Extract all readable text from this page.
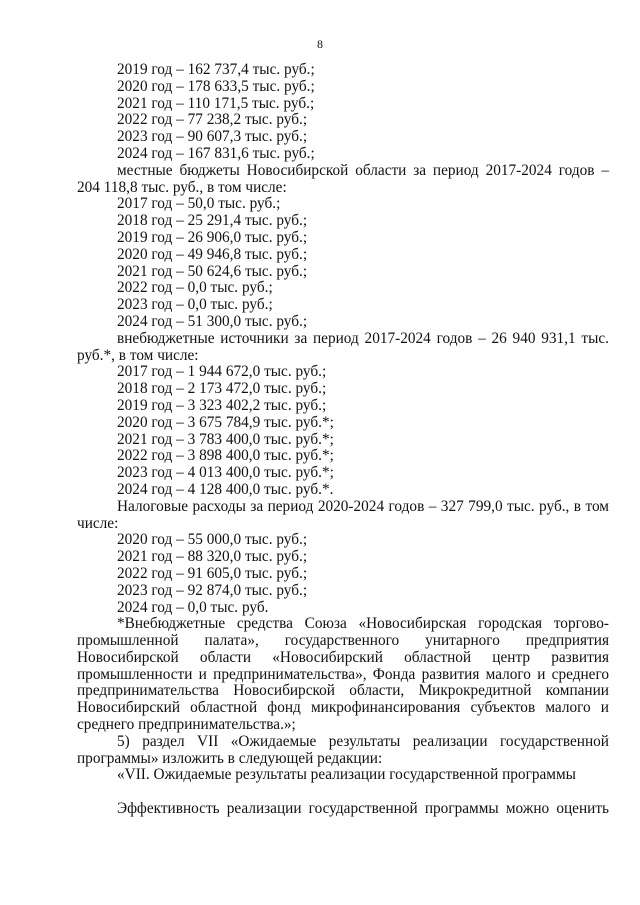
8
2019 год – 162 737,4 тыс. руб.;
2020 год – 178 633,5 тыс. руб.;
2021 год – 110 171,5 тыс. руб.;
2022 год – 77 238,2 тыс. руб.;
2023 год – 90 607,3 тыс. руб.;
2024 год – 167 831,6 тыс. руб.;
местные бюджеты Новосибирской области за период 2017-2024 годов – 204 118,8 тыс. руб., в том числе:
2017 год – 50,0 тыс. руб.;
2018 год – 25 291,4 тыс. руб.;
2019 год – 26 906,0 тыс. руб.;
2020 год – 49 946,8 тыс. руб.;
2021 год – 50 624,6 тыс. руб.;
2022 год – 0,0 тыс. руб.;
2023 год – 0,0 тыс. руб.;
2024 год – 51 300,0 тыс. руб.;
внебюджетные источники за период 2017-2024 годов – 26 940 931,1 тыс. руб.*, в том числе:
2017 год – 1 944 672,0 тыс. руб.;
2018 год – 2 173 472,0 тыс. руб.;
2019 год – 3 323 402,2 тыс. руб.;
2020 год – 3 675 784,9 тыс. руб.*;
2021 год – 3 783 400,0 тыс. руб.*;
2022 год – 3 898 400,0 тыс. руб.*;
2023 год – 4 013 400,0 тыс. руб.*;
2024 год – 4 128 400,0 тыс. руб.*.
Налоговые расходы за период 2020-2024 годов – 327 799,0 тыс. руб., в том числе:
2020 год – 55 000,0 тыс. руб.;
2021 год – 88 320,0 тыс. руб.;
2022 год – 91 605,0 тыс. руб.;
2023 год – 92 874,0 тыс. руб.;
2024 год – 0,0 тыс. руб.
*Внебюджетные средства Союза «Новосибирская городская торгово-промышленной палата», государственного унитарного предприятия Новосибирской области «Новосибирский областной центр развития промышленности и предпринимательства», Фонда развития малого и среднего предпринимательства Новосибирской области, Микрокредитной компании Новосибирский областной фонд микрофинансирования субъектов малого и среднего предпринимательства.»;
5) раздел VII «Ожидаемые результаты реализации государственной программы» изложить в следующей редакции:
«VII. Ожидаемые результаты реализации государственной программы
Эффективность реализации государственной программы можно оценить
